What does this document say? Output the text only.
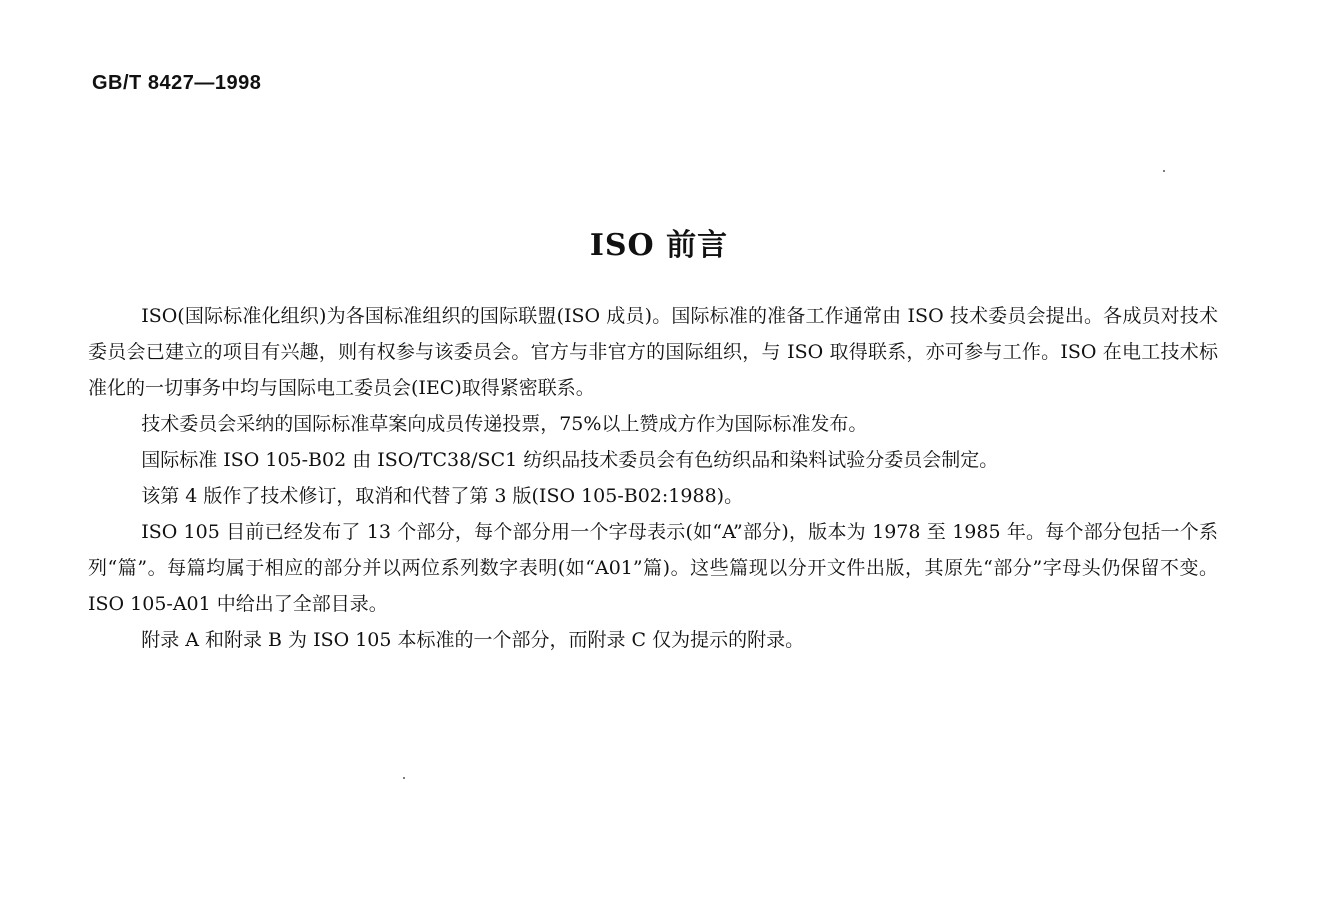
GB/T 8427—1998
ISO 前言

ISO(国际标准化组织)为各国标准组织的国际联盟(ISO 成员)。国际标准的准备工作通常由 ISO 技术委员会提出。各成员对技术委员会已建立的项目有兴趣，则有权参与该委员会。官方与非官方的国际组织，与 ISO 取得联系，亦可参与工作。ISO 在电工技术标准化的一切事务中均与国际电工委员会(IEC)取得紧密联系。

技术委员会采纳的国际标准草案向成员传递投票，75%以上赞成方作为国际标准发布。

国际标准 ISO 105-B02 由 ISO/TC38/SC1 纺织品技术委员会有色纺织品和染料试验分委员会制定。

该第 4 版作了技术修订，取消和代替了第 3 版(ISO 105-B02:1988)。

ISO 105 目前已经发布了 13 个部分，每个部分用一个字母表示(如“A”部分)，版本为 1978 至 1985 年。每个部分包括一个系列“篇”。每篇均属于相应的部分并以两位系列数字表明(如“A01”篇)。这些篇现以分开文件出版，其原先“部分”字母头仍保留不变。ISO 105-A01 中给出了全部目录。

附录 A 和附录 B 为 ISO 105 本标准的一个部分，而附录 C 仅为提示的附录。
